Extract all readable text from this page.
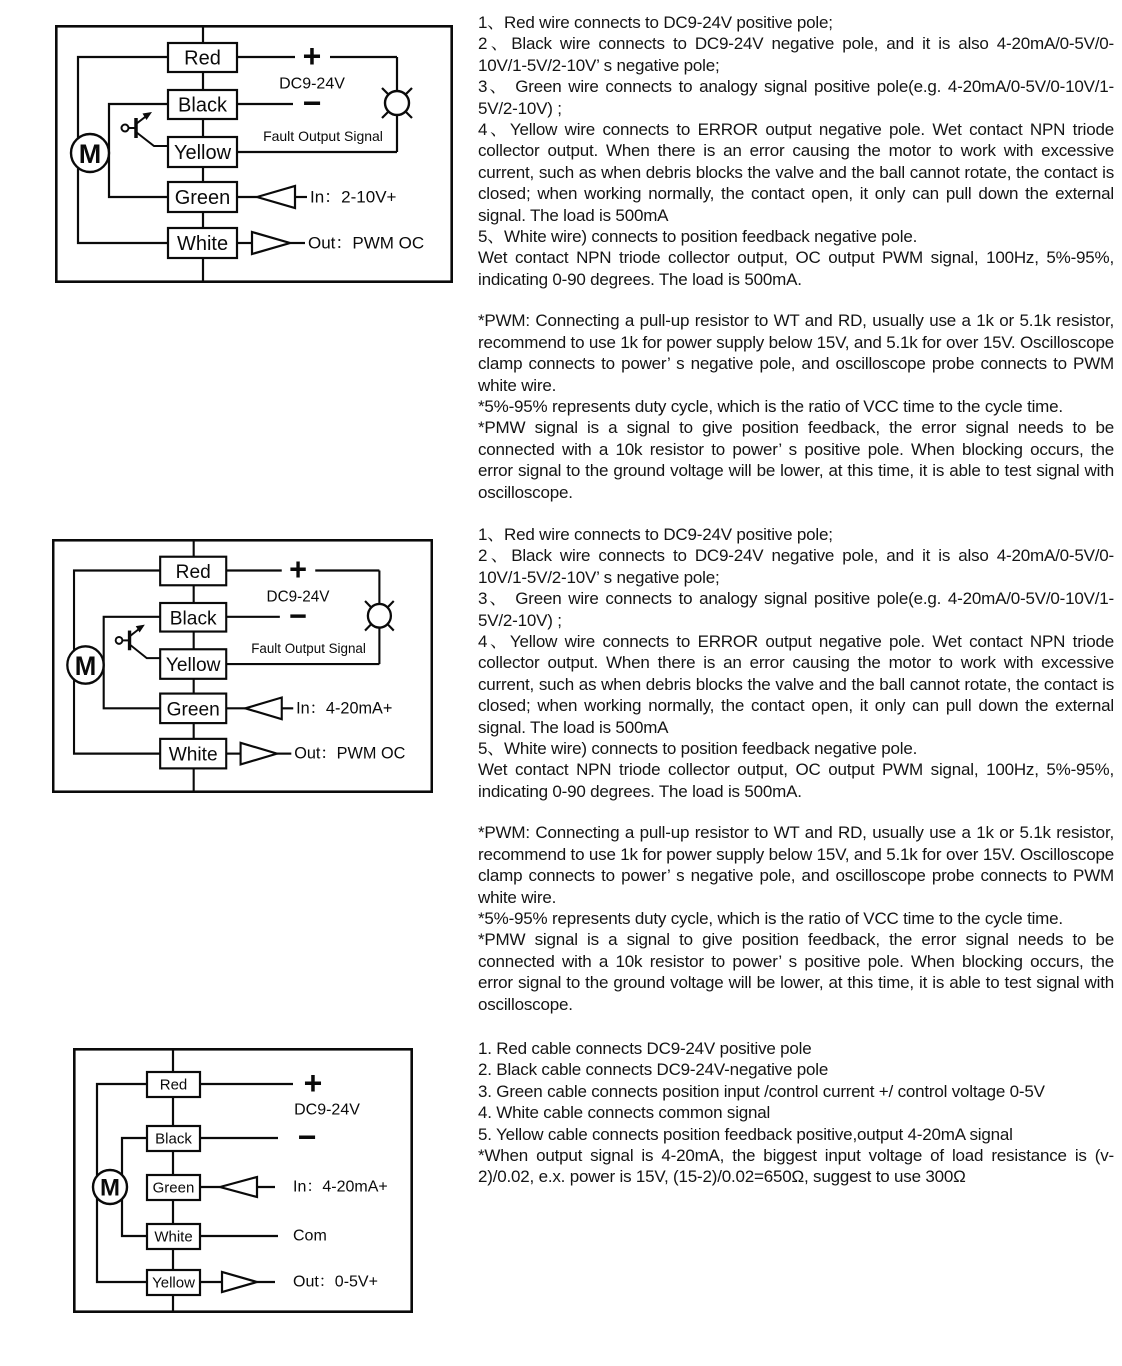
Red
Black
Yellow
Green
White
M
+
DC9-24V
−
Fault Output Signal
In：2-10V+
Out：PWM OC
Red
Black
Yellow
Green
White
M
+
DC9-24V
−
Fault Output Signal
In：4-20mA+
Out：PWM OC
Red
Black
Green
White
Yellow
M
+
DC9-24V
−
In：4-20mA+
Com
Out：0-5V+

1、Red wire connects to DC9-24V positive pole;

2、Black wire connects to DC9-24V negative pole, and it is also 4-20mA/0-5V/0-10V/1-5V/2-10V’ s negative pole;

3、 Green wire connects to analogy signal positive pole(e.g. 4-20mA/0-5V/0-10V/1-5V/2-10V) ;

4、Yellow wire connects to ERROR output negative pole. Wet contact NPN triode collector output. When there is an error causing the motor to work with excessive current, such as when debris blocks the valve and the ball cannot rotate, the contact is closed; when working normally, the contact open, it only can pull down the external signal. The load is 500mA

5、White wire) connects to position feedback negative pole.

Wet contact NPN triode collector output, OC output PWM signal, 100Hz, 5%-95%, indicating 0-90 degrees. The load is 500mA.

*PWM: Connecting a pull-up resistor to WT and RD, usually use a 1k or 5.1k resistor, recommend to use 1k for power supply below 15V, and 5.1k for over 15V. Oscilloscope clamp connects to power’ s negative pole, and oscilloscope probe connects to PWM white wire.

*5%-95% represents duty cycle, which is the ratio of VCC time to the cycle time.

*PMW signal is a signal to give position feedback, the error signal needs to be connected with a 10k resistor to power’ s positive pole. When blocking occurs, the error signal to the ground voltage will be lower, at this time, it is able to test signal with oscilloscope.

1、Red wire connects to DC9-24V positive pole;

2、Black wire connects to DC9-24V negative pole, and it is also 4-20mA/0-5V/0-10V/1-5V/2-10V’ s negative pole;

3、 Green wire connects to analogy signal positive pole(e.g. 4-20mA/0-5V/0-10V/1-5V/2-10V) ;

4、Yellow wire connects to ERROR output negative pole. Wet contact NPN triode collector output. When there is an error causing the motor to work with excessive current, such as when debris blocks the valve and the ball cannot rotate, the contact is closed; when working normally, the contact open, it only can pull down the external signal. The load is 500mA

5、White wire) connects to position feedback negative pole.

Wet contact NPN triode collector output, OC output PWM signal, 100Hz, 5%-95%, indicating 0-90 degrees. The load is 500mA.

*PWM: Connecting a pull-up resistor to WT and RD, usually use a 1k or 5.1k resistor, recommend to use 1k for power supply below 15V, and 5.1k for over 15V. Oscilloscope clamp connects to power’ s negative pole, and oscilloscope probe connects to PWM white wire.

*5%-95% represents duty cycle, which is the ratio of VCC time to the cycle time.

*PMW signal is a signal to give position feedback, the error signal needs to be connected with a 10k resistor to power’ s positive pole. When blocking occurs, the error signal to the ground voltage will be lower, at this time, it is able to test signal with oscilloscope.

1. Red cable connects DC9-24V positive pole

2. Black cable connects DC9-24V-negative pole

3. Green cable connects position input /control current +/ control voltage 0-5V

4. White cable connects common signal

5. Yellow cable connects position feedback positive,output 4-20mA signal

*When output signal is 4-20mA, the biggest input voltage of load resistance is (v-2)/0.02, e.x. power is 15V, (15-2)/0.02=650Ω, suggest to use 300Ω
